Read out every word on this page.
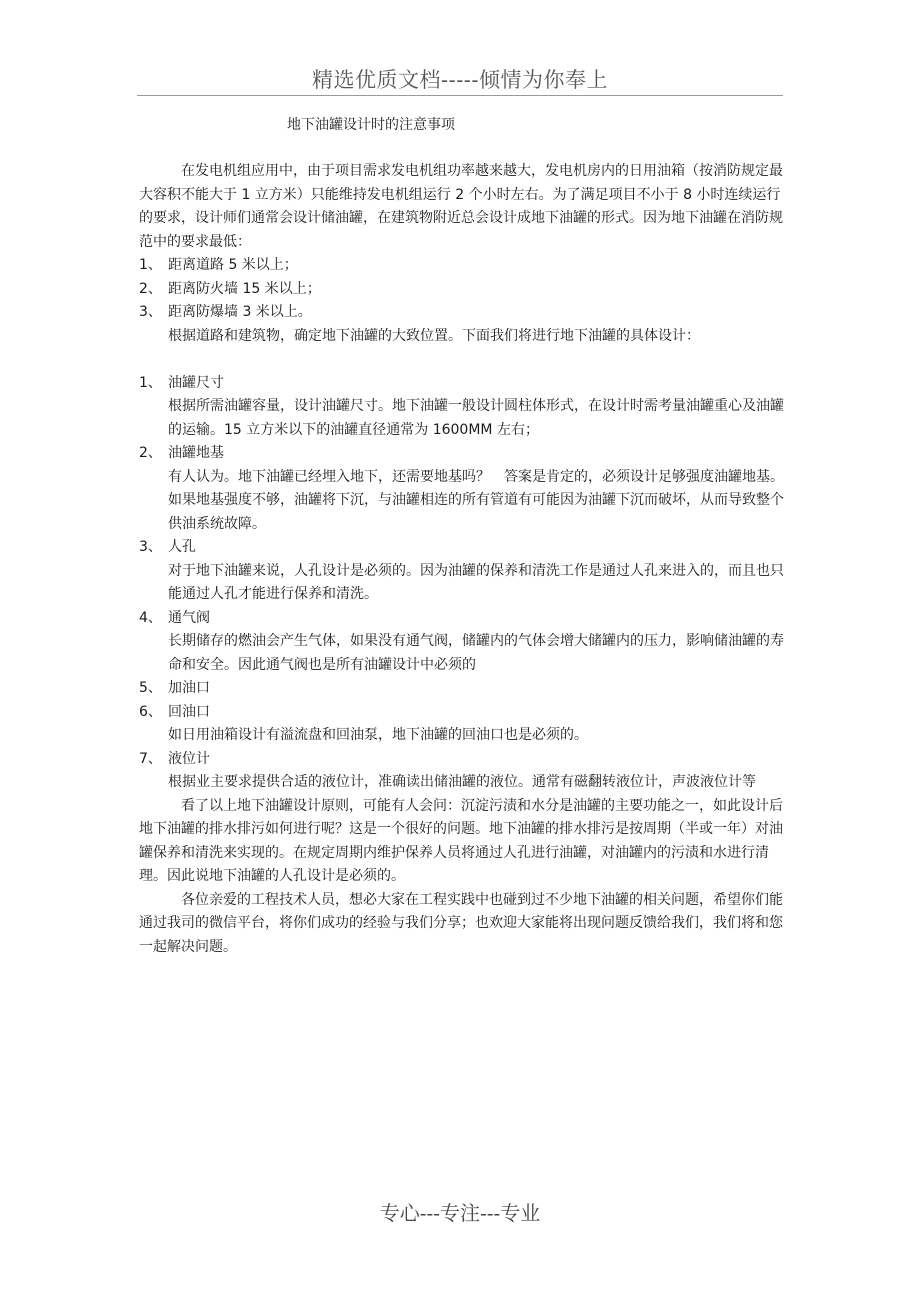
精选优质文档-----倾情为你奉上
地下油罐设计时的注意事项

在发电机组应用中，由于项目需求发电机组功率越来越大，发电机房内的日用油箱（按消防规定最大容积不能大于 1 立方米）只能维持发电机组运行 2 个小时左右。为了满足项目不小于 8 小时连续运行的要求，设计师们通常会设计储油罐，在建筑物附近总会设计成地下油罐的形式。因为地下油罐在消防规范中的要求最低：

1、 距离道路 5 米以上；
2、 距离防火墙 15 米以上；
3、 距离防爆墙 3 米以上。

根据道路和建筑物，确定地下油罐的大致位置。下面我们将进行地下油罐的具体设计：

1、 油罐尺寸

根据所需油罐容量，设计油罐尺寸。地下油罐一般设计圆柱体形式，在设计时需考量油罐重心及油罐的运输。15 立方米以下的油罐直径通常为 1600MM 左右；

2、 油罐地基

有人认为。地下油罐已经埋入地下，还需要地基吗？　答案是肯定的，必须设计足够强度油罐地基。如果地基强度不够，油罐将下沉，与油罐相连的所有管道有可能因为油罐下沉而破坏，从而导致整个供油系统故障。

3、 人孔

对于地下油罐来说，人孔设计是必须的。因为油罐的保养和清洗工作是通过人孔来进入的，而且也只能通过人孔才能进行保养和清洗。

4、 通气阀

长期储存的燃油会产生气体，如果没有通气阀，储罐内的气体会增大储罐内的压力，影响储油罐的寿命和安全。因此通气阀也是所有油罐设计中必须的

5、 加油口
6、 回油口

如日用油箱设计有溢流盘和回油泵，地下油罐的回油口也是必须的。

7、 液位计

根据业主要求提供合适的液位计，准确读出储油罐的液位。通常有磁翻转液位计，声波液位计等

看了以上地下油罐设计原则，可能有人会问：沉淀污渍和水分是油罐的主要功能之一，如此设计后地下油罐的排水排污如何进行呢？这是一个很好的问题。地下油罐的排水排污是按周期（半或一年）对油罐保养和清洗来实现的。在规定周期内维护保养人员将通过人孔进行油罐，对油罐内的污渍和水进行清理。因此说地下油罐的人孔设计是必须的。

各位亲爱的工程技术人员，想必大家在工程实践中也碰到过不少地下油罐的相关问题，希望你们能通过我司的微信平台，将你们成功的经验与我们分享；也欢迎大家能将出现问题反馈给我们，我们将和您一起解决问题。

专心---专注---专业
